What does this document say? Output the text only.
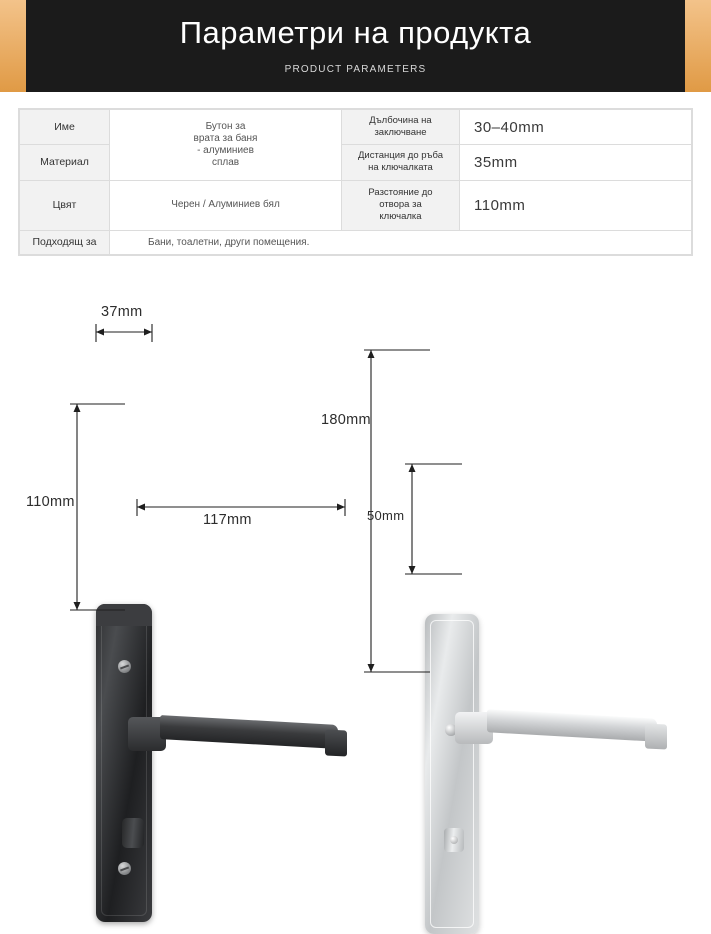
Параметри на продукта
PRODUCT PARAMETERS
Име	Бутон за
врата за баня
- алуминиев
сплав	Дълбочина на
заключване	30–40mm
Материал		Дистанция до ръба
на ключалката	35mm
Цвят	Черен / Алуминиев бял	Разстояние до
отвора за
ключалка	110mm
Подходящ за	Бани, тоалетни, други помещения.		
37mm
110mm
117mm
180mm
50mm
